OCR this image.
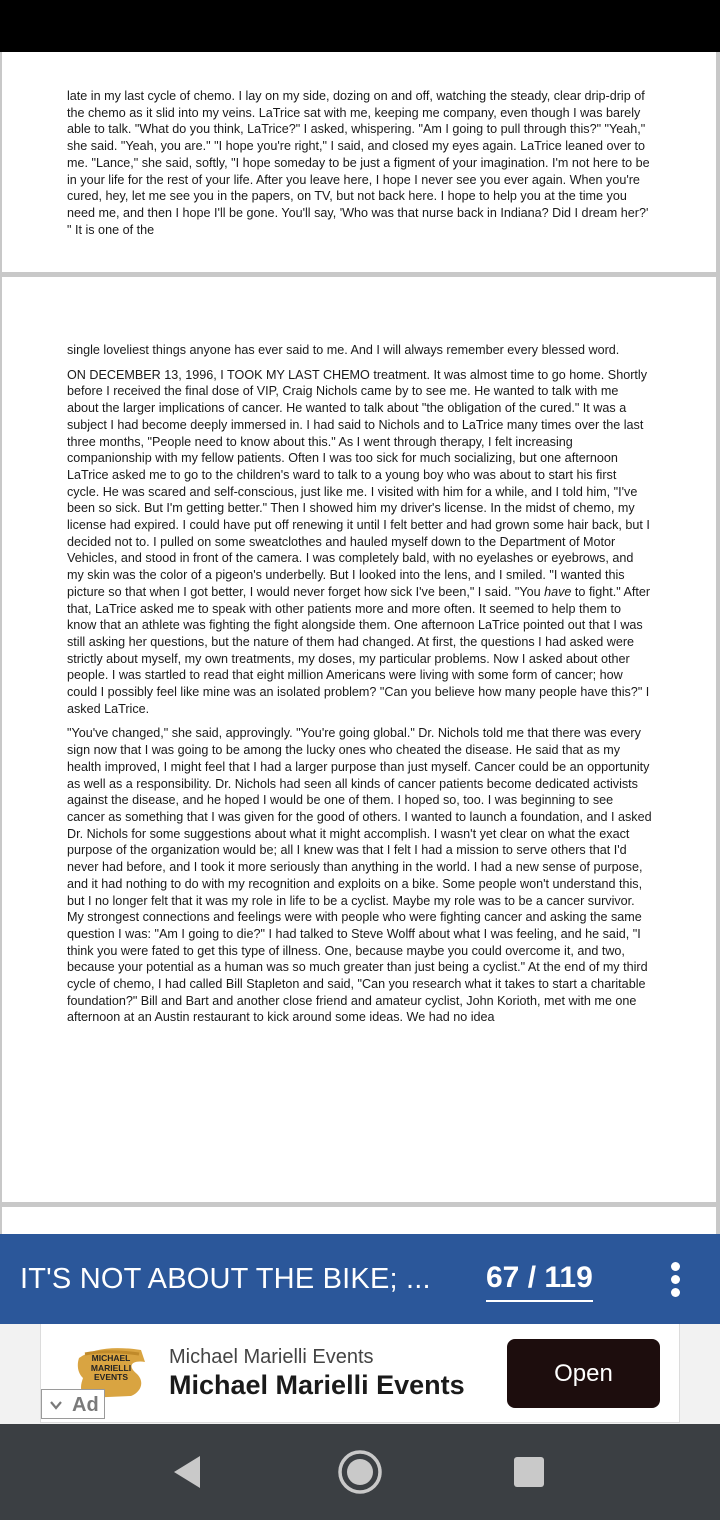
late in my last cycle of chemo. I lay on my side, dozing on and off, watching the steady, clear drip-drip of the chemo as it slid into my veins. LaTrice sat with me, keeping me company, even though I was barely able to talk. "What do you think, LaTrice?" I asked, whispering. "Am I going to pull through this?" "Yeah," she said. "Yeah, you are." "I hope you're right," I said, and closed my eyes again. LaTrice leaned over to me. "Lance," she said, softly, "I hope someday to be just a figment of your imagination. I'm not here to be in your life for the rest of your life. After you leave here, I hope I never see you ever again. When you're cured, hey, let me see you in the papers, on TV, but not back here. I hope to help you at the time you need me, and then I hope I'll be gone. You'll say, 'Who was that nurse back in Indiana? Did I dream her?' " It is one of the

single loveliest things anyone has ever said to me. And I will always remember every blessed word.

ON DECEMBER 13, 1996, I TOOK MY LAST CHEMO treatment. It was almost time to go home. Shortly before I received the final dose of VIP, Craig Nichols came by to see me. He wanted to talk with me about the larger implications of cancer. He wanted to talk about "the obligation of the cured." It was a subject I had become deeply immersed in. I had said to Nichols and to LaTrice many times over the last three months, "People need to know about this." As I went through therapy, I felt increasing companionship with my fellow patients. Often I was too sick for much socializing, but one afternoon LaTrice asked me to go to the children's ward to talk to a young boy who was about to start his first cycle. He was scared and self-conscious, just like me. I visited with him for a while, and I told him, "I've been so sick. But I'm getting better." Then I showed him my driver's license. In the midst of chemo, my license had expired. I could have put off renewing it until I felt better and had grown some hair back, but I decided not to. I pulled on some sweatclothes and hauled myself down to the Department of Motor Vehicles, and stood in front of the camera. I was completely bald, with no eyelashes or eyebrows, and my skin was the color of a pigeon's underbelly. But I looked into the lens, and I smiled. "I wanted this picture so that when I got better, I would never forget how sick I've been," I said. "You have to fight." After that, LaTrice asked me to speak with other patients more and more often. It seemed to help them to know that an athlete was fighting the fight alongside them. One afternoon LaTrice pointed out that I was still asking her questions, but the nature of them had changed. At first, the questions I had asked were strictly about myself, my own treatments, my doses, my particular problems. Now I asked about other people. I was startled to read that eight million Americans were living with some form of cancer; how could I possibly feel like mine was an isolated problem? "Can you believe how many people have this?" I asked LaTrice.

"You've changed," she said, approvingly. "You're going global." Dr. Nichols told me that there was every sign now that I was going to be among the lucky ones who cheated the disease. He said that as my health improved, I might feel that I had a larger purpose than just myself. Cancer could be an opportunity as well as a responsibility. Dr. Nichols had seen all kinds of cancer patients become dedicated activists against the disease, and he hoped I would be one of them. I hoped so, too. I was beginning to see cancer as something that I was given for the good of others. I wanted to launch a foundation, and I asked Dr. Nichols for some suggestions about what it might accomplish. I wasn't yet clear on what the exact purpose of the organization would be; all I knew was that I felt I had a mission to serve others that I'd never had before, and I took it more seriously than anything in the world. I had a new sense of purpose, and it had nothing to do with my recognition and exploits on a bike. Some people won't understand this, but I no longer felt that it was my role in life to be a cyclist. Maybe my role was to be a cancer survivor. My strongest connections and feelings were with people who were fighting cancer and asking the same question I was: "Am I going to die?" I had talked to Steve Wolff about what I was feeling, and he said, "I think you were fated to get this type of illness. One, because maybe you could overcome it, and two, because your potential as a human was so much greater than just being a cyclist." At the end of my third cycle of chemo, I had called Bill Stapleton and said, "Can you research what it takes to start a charitable foundation?" Bill and Bart and another close friend and amateur cyclist, John Korioth, met with me one afternoon at an Austin restaurant to kick around some ideas. We had no idea

IT'S NOT ABOUT THE BIKE; ... 67 / 119
MICHAEL MARIELLI EVENTS
Ad
Michael Marielli Events
Michael Marielli Events	Open
